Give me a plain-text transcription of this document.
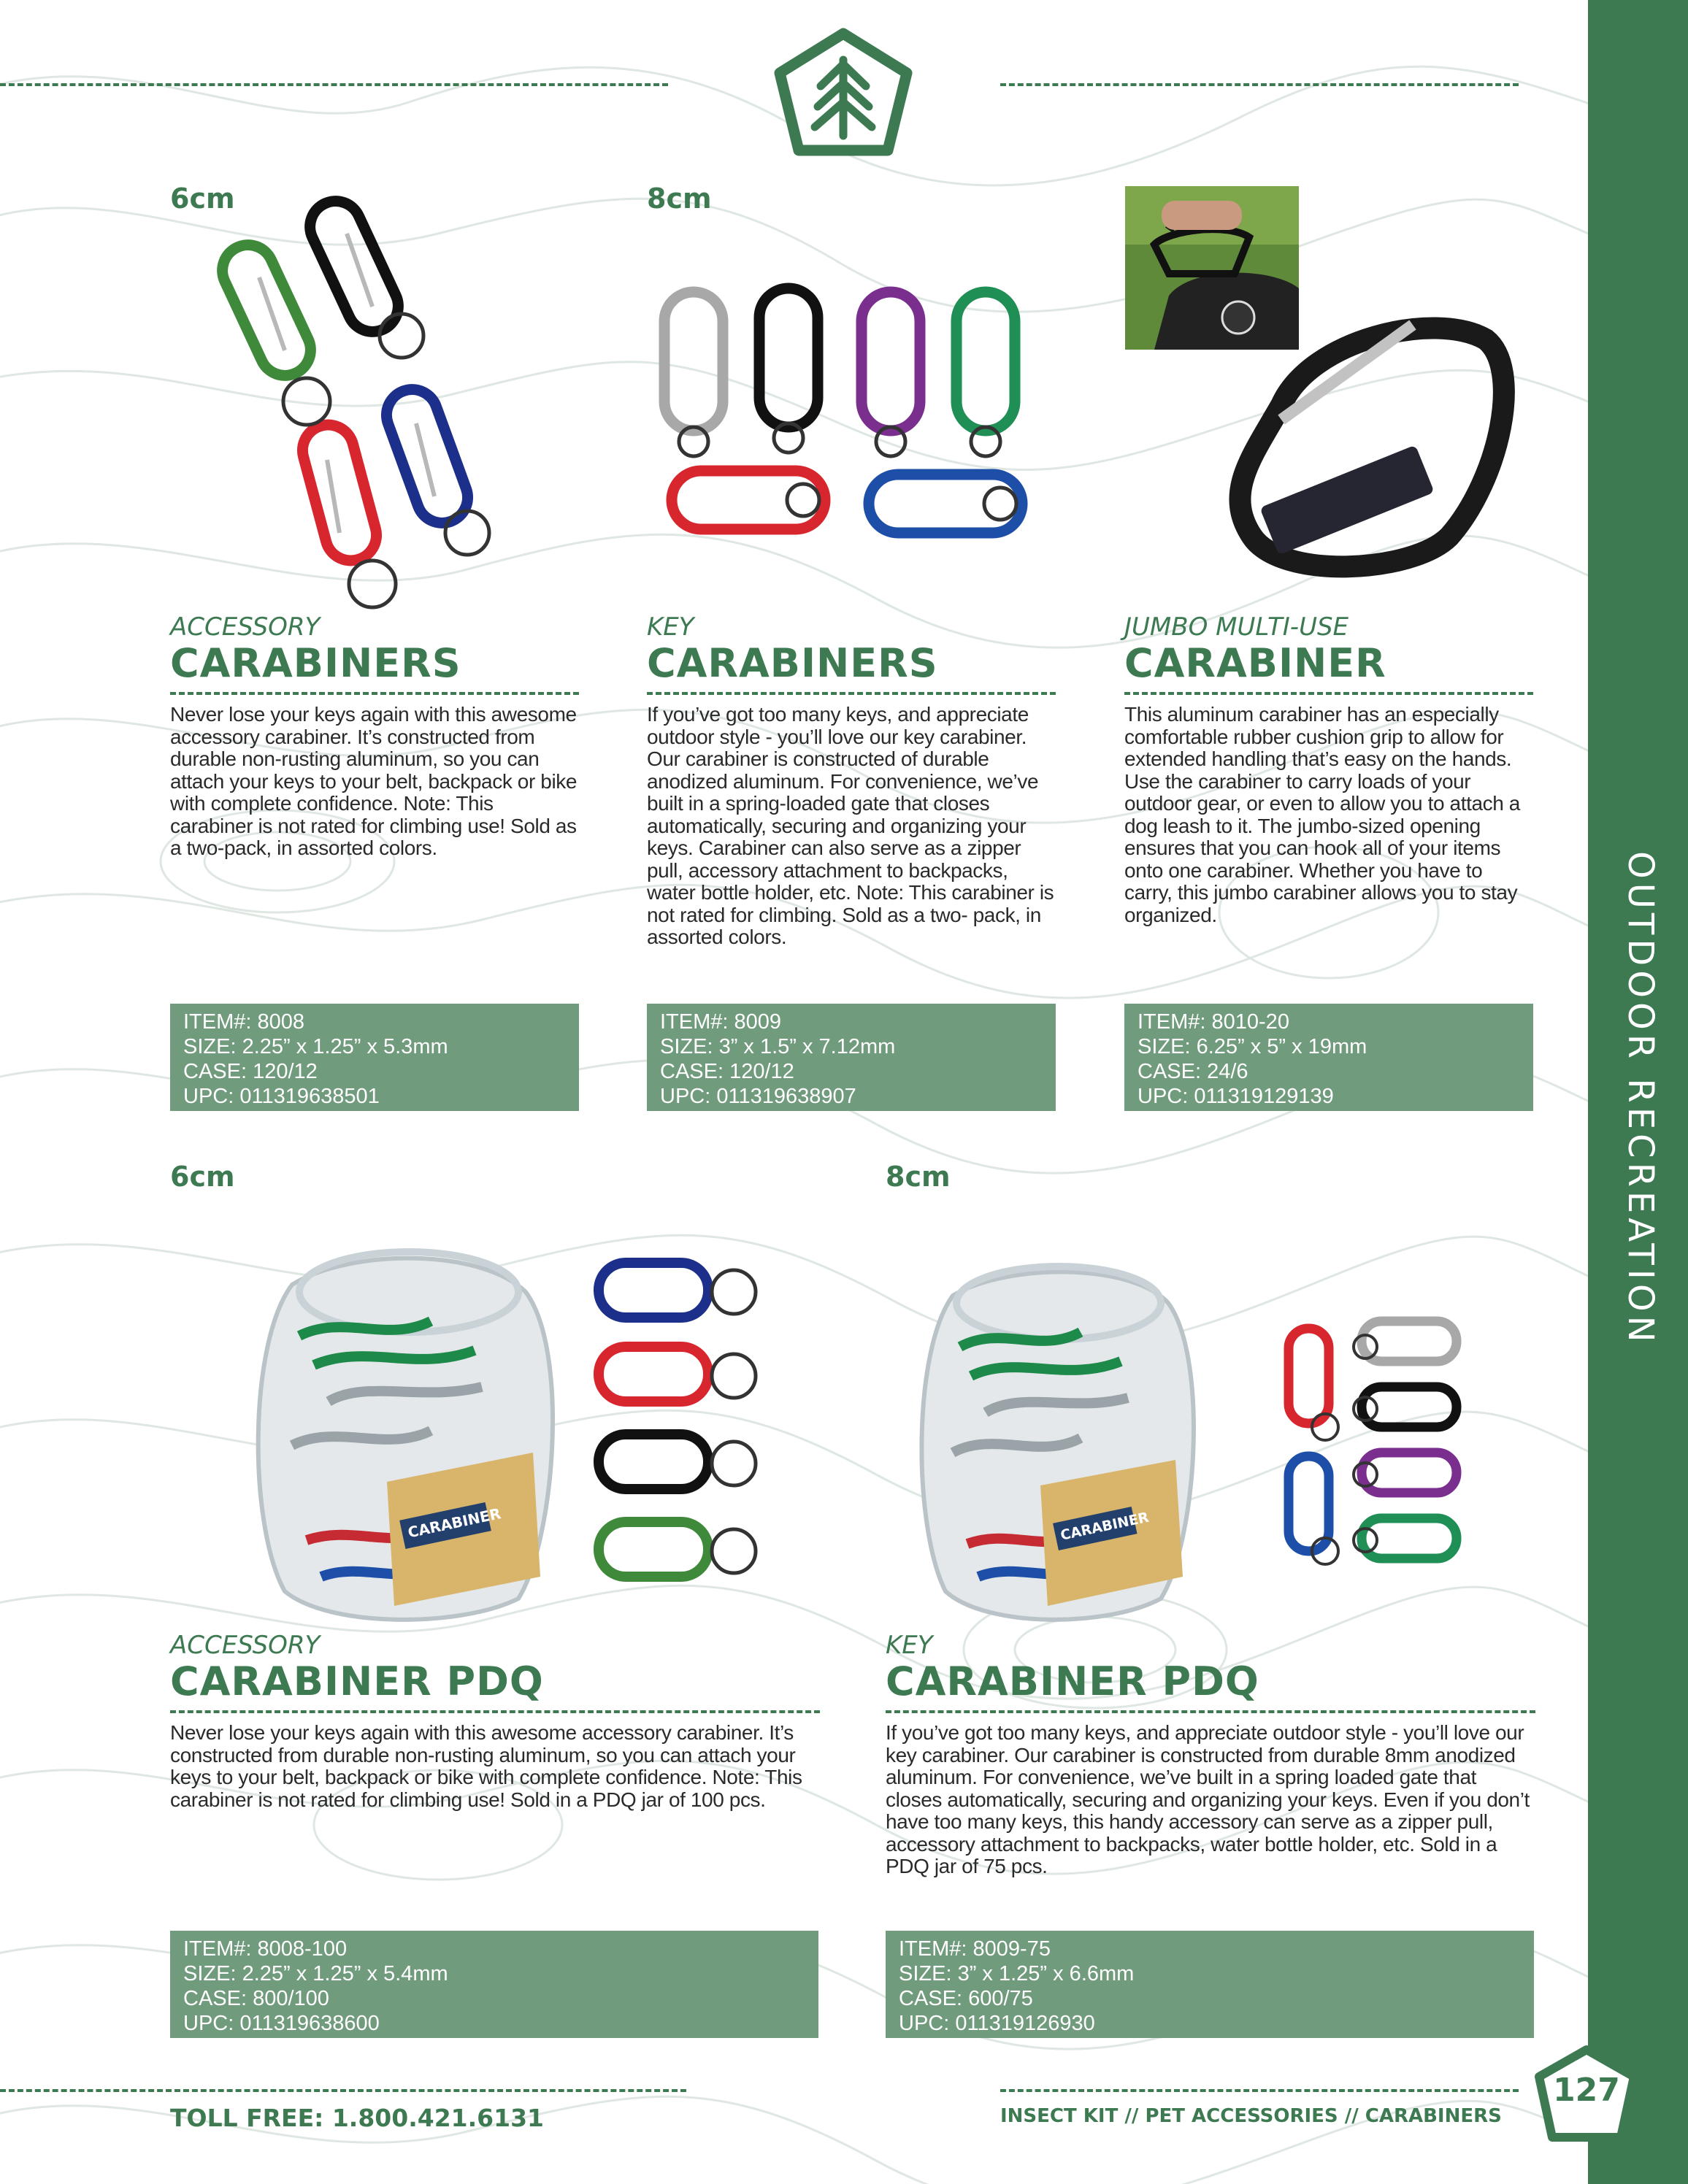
OUTDOOR RECREATION
6cm
ACCESSORY
CARABINERS
Never lose your keys again with this awesome accessory carabiner. It’s constructed from durable non-rusting aluminum, so you can attach your keys to your belt, backpack or bike with complete confidence. Note: This carabiner is not rated for climbing use! Sold as a two-pack, in assorted colors.
ITEM#: 8008
SIZE: 2.25” x 1.25” x 5.3mm
CASE: 120/12
UPC: 011319638501
8cm
KEY
CARABINERS
If you’ve got too many keys, and appreciate outdoor style - you’ll love our key carabiner. Our carabiner is constructed of durable anodized aluminum. For convenience, we’ve built in a spring-loaded gate that closes automatically, securing and organizing your keys. Carabiner can also serve as a zipper pull, accessory attachment to backpacks, water bottle holder, etc. Note: This carabiner is not rated for climbing. Sold as a two- pack, in assorted colors.
ITEM#: 8009
SIZE: 3” x 1.5” x 7.12mm
CASE: 120/12
UPC: 011319638907
JUMBO MULTI-USE
CARABINER
This aluminum carabiner has an especially comfortable rubber cushion grip to allow for extended handling that’s easy on the hands. Use the carabiner to carry loads of your outdoor gear, or even to allow you to attach a dog leash to it. The jumbo-sized opening ensures that you can hook all of your items onto one carabiner. Whether you have to carry, this jumbo carabiner allows you to stay organized.
ITEM#: 8010-20
SIZE: 6.25” x 5” x 19mm
CASE: 24/6
UPC: 011319129139
6cm
CARABINER
ACCESSORY
CARABINER PDQ
Never lose your keys again with this awesome accessory carabiner. It’s constructed from durable non-rusting aluminum, so you can attach your keys to your belt, backpack or bike with complete confidence. Note: This carabiner is not rated for climbing use! Sold in a PDQ jar of 100 pcs.
ITEM#: 8008-100
SIZE: 2.25” x 1.25” x 5.4mm
CASE: 800/100
UPC: 011319638600
8cm
CARABINER
KEY
CARABINER PDQ
If you’ve got too many keys, and appreciate outdoor style - you’ll love our key carabiner. Our carabiner is constructed from durable 8mm anodized aluminum. For convenience, we’ve built in a spring loaded gate that closes automatically, securing and organizing your keys. Even if you don’t have too many keys, this handy accessory can serve as a zipper pull, accessory attachment to backpacks, water bottle holder, etc. Sold in a PDQ jar of 75 pcs.
ITEM#: 8009-75
SIZE: 3” x 1.25” x 6.6mm
CASE: 600/75
UPC: 011319126930
TOLL FREE: 1.800.421.6131	INSECT KIT // PET ACCESSORIES // CARABINERS
127
